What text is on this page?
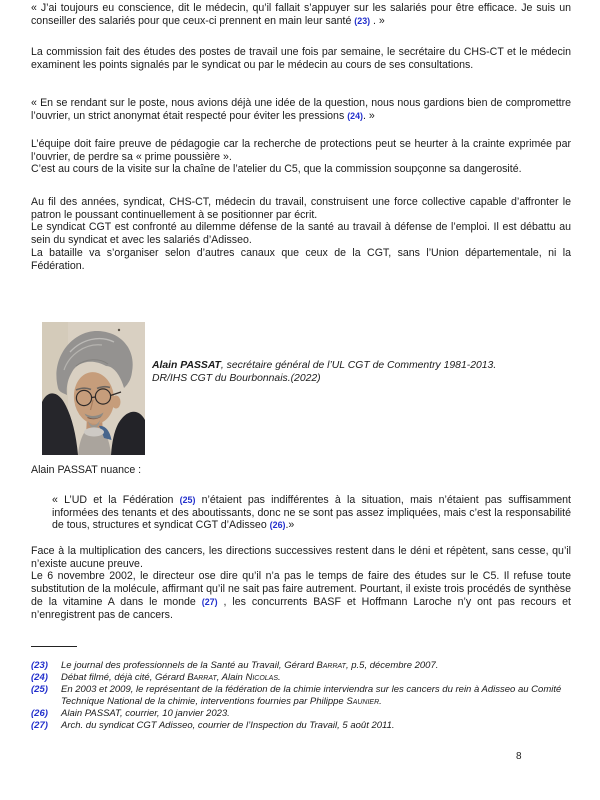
« J’ai toujours eu conscience, dit le médecin, qu’il fallait s’appuyer sur les salariés pour être efficace. Je suis un conseiller des salariés pour que ceux-ci prennent en main leur santé (23) . »

La commission fait des études des postes de travail une fois par semaine, le secrétaire du CHS-CT et le médecin examinent les points signalés par le syndicat ou par le médecin au cours de ses consultations.

« En se rendant sur le poste, nous avions déjà une idée de la question, nous nous gardions bien de compromettre l’ouvrier, un strict anonymat était respecté pour éviter les pressions (24). »

L’équipe doit faire preuve de pédagogie car la recherche de protections peut se heurter à la crainte exprimée par l’ouvrier, de perdre sa « prime poussière ».
C’est au cours de la visite sur la chaîne de l’atelier du C5, que la commission soupçonne sa dangerosité.

Au fil des années, syndicat, CHS-CT, médecin du travail, construisent une force collective capable d’affronter le patron le poussant continuellement à se positionner par écrit.
Le syndicat CGT est confronté au dilemme défense de la santé au travail à défense de l’emploi. Il est débattu au sein du syndicat et avec les salariés d’Adisseo.
La bataille va s’organiser selon d’autres canaux que ceux de la CGT, sans l’Union départementale, ni la Fédération.

Alain PASSAT, secrétaire général de l’UL CGT de Commentry 1981-2013.
DR/IHS CGT du Bourbonnais.(2022)

Alain PASSAT nuance :

« L’UD et la Fédération (25) n’étaient pas indifférentes à la situation, mais n’étaient pas suffisamment informées des tenants et des aboutissants, donc ne se sont pas assez impliquées, mais c’est la responsabilité de tous, structures et syndicat CGT d’Adisseo (26).»

Face à la multiplication des cancers, les directions successives restent dans le déni et répètent, sans cesse, qu’il n’existe aucune preuve.
Le 6 novembre 2002, le directeur ose dire qu’il n’a pas le temps de faire des études sur le C5. Il refuse toute substitution de la molécule, affirmant qu’il ne sait pas faire autrement. Pourtant, il existe trois procédés de synthèse de la vitamine A dans le monde (27) , les concurrents BASF et Hoffmann Laroche n’y ont pas recours et n’enregistrent pas de cancers.

(23)	Le journal des professionnels de la Santé au Travail, Gérard Barrat, p.5, décembre 2007.
(24)	Débat filmé, déjà cité, Gérard Barrat, Alain Nicolas.
(25)	En 2003 et 2009, le représentant de la fédération de la chimie interviendra sur les cancers du rein à Adisseo au Comité Technique National de la chimie, interventions fournies par Philippe Saunier.
(26)	Alain PASSAT, courrier, 10 janvier 2023.
(27)	Arch. du syndicat CGT Adisseo, courrier de l’Inspection du Travail, 5 août 2011.
8
